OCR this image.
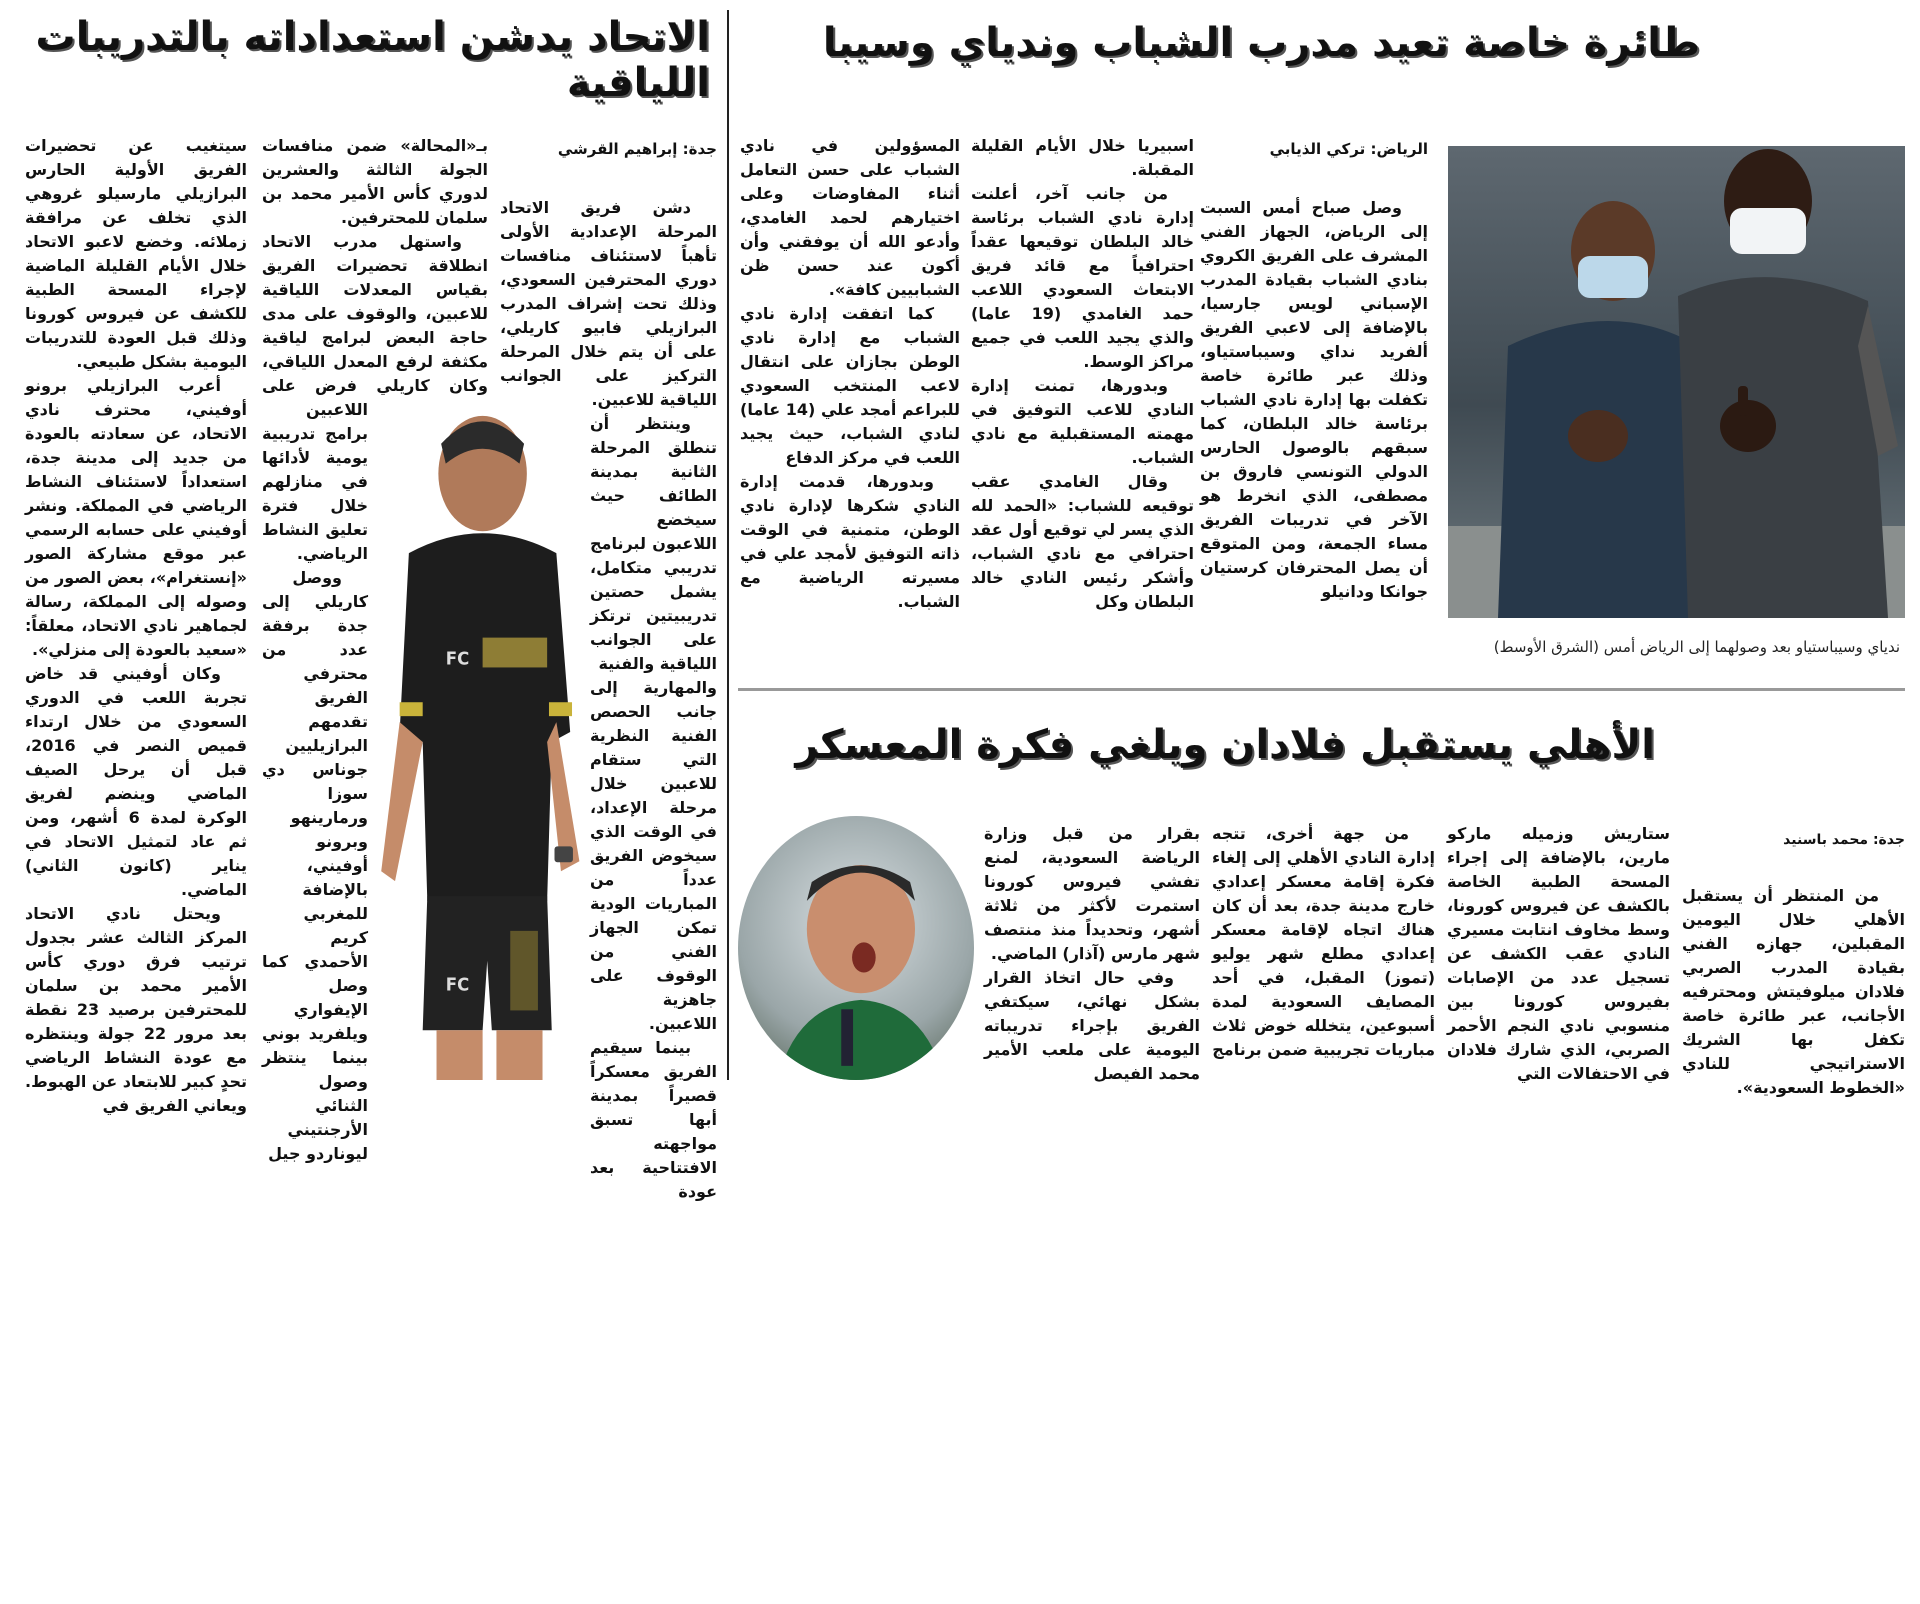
الاتحاد يدشن استعداداته بالتدريبات اللياقية
جدة: إبراهيم القرشي
FC
FC

دشن فريق الاتحاد المرحلة الإعدادية الأولى تأهباً لاستئناف منافسات دوري المحترفين السعودي، وذلك تحت إشراف المدرب البرازيلي فابيو كاريلي، على أن يتم خلال المرحلة التركيز على الجوانب اللياقية للاعبين.

وينتظر أن تنطلق المرحلة الثانية بمدينة الطائف حيث سيخضع اللاعبون لبرنامج تدريبي متكامل، يشمل حصتين تدريبيتين ترتكز على الجوانب اللياقية والفنية

والمهارية إلى جانب الحصص الفنية النظرية التي ستقام للاعبين خلال مرحلة الإعداد، في الوقت الذي سيخوض الفريق عدداً من المباريات الودية تمكن الجهاز الفني من الوقوف على جاهزية اللاعبين.

بينما سيقيم الفريق معسكراً قصيراً بمدينة أبها تسبق مواجهته الافتتاحية بعد عودة

بـ«المحالة» ضمن منافسات الجولة الثالثة والعشرين لدوري كأس الأمير محمد بن سلمان للمحترفين.

واستهل مدرب الاتحاد انطلاقة تحضيرات الفريق بقياس المعدلات اللياقية للاعبين، والوقوف على مدى حاجة البعض لبرامج لياقية مكثفة لرفع المعدل اللياقي، وكان كاريلي فرض على اللاعبين برامج تدريبية يومية لأدائها في منازلهم خلال فترة تعليق النشاط الرياضي.

ووصل كاريلي إلى جدة برفقة عدد من محترفي الفريق تقدمهم البرازيليين جوناس دي سوزا ورمارينهو وبرونو أوفيني، بالإضافة للمغربي كريم الأحمدي كما وصل الإيفواري ويلفريد بوني بينما ينتظر وصول الثنائي الأرجنتيني ليوناردو جيل

سيتغيب عن تحضيرات الفريق الأولية الحارس البرازيلي مارسيلو غروهي الذي تخلف عن مرافقة زملائه. وخضع لاعبو الاتحاد خلال الأيام القليلة الماضية لإجراء المسحة الطبية للكشف عن فيروس كورونا وذلك قبل العودة للتدريبات اليومية بشكل طبيعي.

أعرب البرازيلي برونو أوفيني، محترف نادي الاتحاد، عن سعادته بالعودة من جديد إلى مدينة جدة، استعداداً لاستئناف النشاط الرياضي في المملكة. ونشر أوفيني على حسابه الرسمي عبر موقع مشاركة الصور «إنستغرام»، بعض الصور من وصوله إلى المملكة، رسالة لجماهير نادي الاتحاد، معلقاً: «سعيد بالعودة إلى منزلي».

وكان أوفيني قد خاض تجربة اللعب في الدوري السعودي من خلال ارتداء قميص النصر في 2016، قبل أن يرحل الصيف الماضي وينضم لفريق الوكرة لمدة 6 أشهر، ومن ثم عاد لتمثيل الاتحاد في يناير (كانون الثاني) الماضي.

ويحتل نادي الاتحاد المركز الثالث عشر بجدول ترتيب فرق دوري كأس الأمير محمد بن سلمان للمحترفين برصيد 23 نقطة بعد مرور 22 جولة وينتظره مع عودة النشاط الرياضي تحدٍ كبير للابتعاد عن الهبوط. ويعاني الفريق في

طائرة خاصة تعيد مدرب الشباب وندياي وسيبا
الرياض: تركي الذيابي

وصل صباح أمس السبت إلى الرياض، الجهاز الفني المشرف على الفريق الكروي بنادي الشباب بقيادة المدرب الإسباني لويس جارسيا، بالإضافة إلى لاعبي الفريق ألفريد نداي وسيباستياو، وذلك عبر طائرة خاصة تكفلت بها إدارة نادي الشباب برئاسة خالد البلطان، كما سبقهم بالوصول الحارس الدولي التونسي فاروق بن مصطفى، الذي انخرط هو الآخر في تدريبات الفريق مساء الجمعة، ومن المتوقع أن يصل المحترفان كرستيان جوانكا ودانيلو

اسبيريا خلال الأيام القليلة المقبلة.

من جانب آخر، أعلنت إدارة نادي الشباب برئاسة خالد البلطان توقيعها عقداً احترافياً مع قائد فريق الابتعاث السعودي اللاعب حمد الغامدي (19 عاما) والذي يجيد اللعب في جميع مراكز الوسط.

وبدورها، تمنت إدارة النادي للاعب التوفيق في مهمته المستقبلية مع نادي الشباب.

وقال الغامدي عقب توقيعه للشباب: «الحمد لله الذي يسر لي توقيع أول عقد احترافي مع نادي الشباب، وأشكر رئيس النادي خالد البلطان وكل

المسؤولين في نادي الشباب على حسن التعامل أثناء المفاوضات وعلى اختيارهم لحمد الغامدي، وأدعو الله أن يوفقني وأن أكون عند حسن ظن الشبابيين كافة».

كما اتفقت إدارة نادي الشباب مع إدارة نادي الوطن بجازان على انتقال لاعب المنتخب السعودي للبراعم أمجد علي (14 عاما) لنادي الشباب، حيث يجيد اللعب في مركز الدفاع

وبدورها، قدمت إدارة النادي شكرها لإدارة نادي الوطن، متمنية في الوقت ذاته التوفيق لأمجد علي في مسيرته الرياضية مع الشباب.

ندياي وسيباستياو بعد وصولهما إلى الرياض أمس (الشرق الأوسط)
الأهلي يستقبل فلادان ويلغي فكرة المعسكر
جدة: محمد باسنيد

من المنتظر أن يستقبل الأهلي خلال اليومين المقبلين، جهازه الفني بقيادة المدرب الصربي فلادان ميلوفيتش ومحترفيه الأجانب، عبر طائرة خاصة تكفل بها الشريك الاستراتيجي للنادي «الخطوط السعودية».

ستاريش وزميله ماركو مارين، بالإضافة إلى إجراء المسحة الطبية الخاصة بالكشف عن فيروس كورونا، وسط مخاوف انتابت مسيري النادي عقب الكشف عن تسجيل عدد من الإصابات بفيروس كورونا بين منسوبي نادي النجم الأحمر الصربي، الذي شارك فلادان في الاحتفالات التي

من جهة أخرى، تتجه إدارة النادي الأهلي إلى إلغاء فكرة إقامة معسكر إعدادي خارج مدينة جدة، بعد أن كان هناك اتجاه لإقامة معسكر إعدادي مطلع شهر يوليو (تموز) المقبل، في أحد المصايف السعودية لمدة أسبوعين، يتخلله خوض ثلاث مباريات تجريبية ضمن برنامج

بقرار من قبل وزارة الرياضة السعودية، لمنع تفشي فيروس كورونا استمرت لأكثر من ثلاثة أشهر، وتحديداً منذ منتصف شهر مارس (آذار) الماضي.

وفي حال اتخاذ القرار بشكل نهائي، سيكتفي الفريق بإجراء تدريباته اليومية على ملعب الأمير محمد الفيصل
